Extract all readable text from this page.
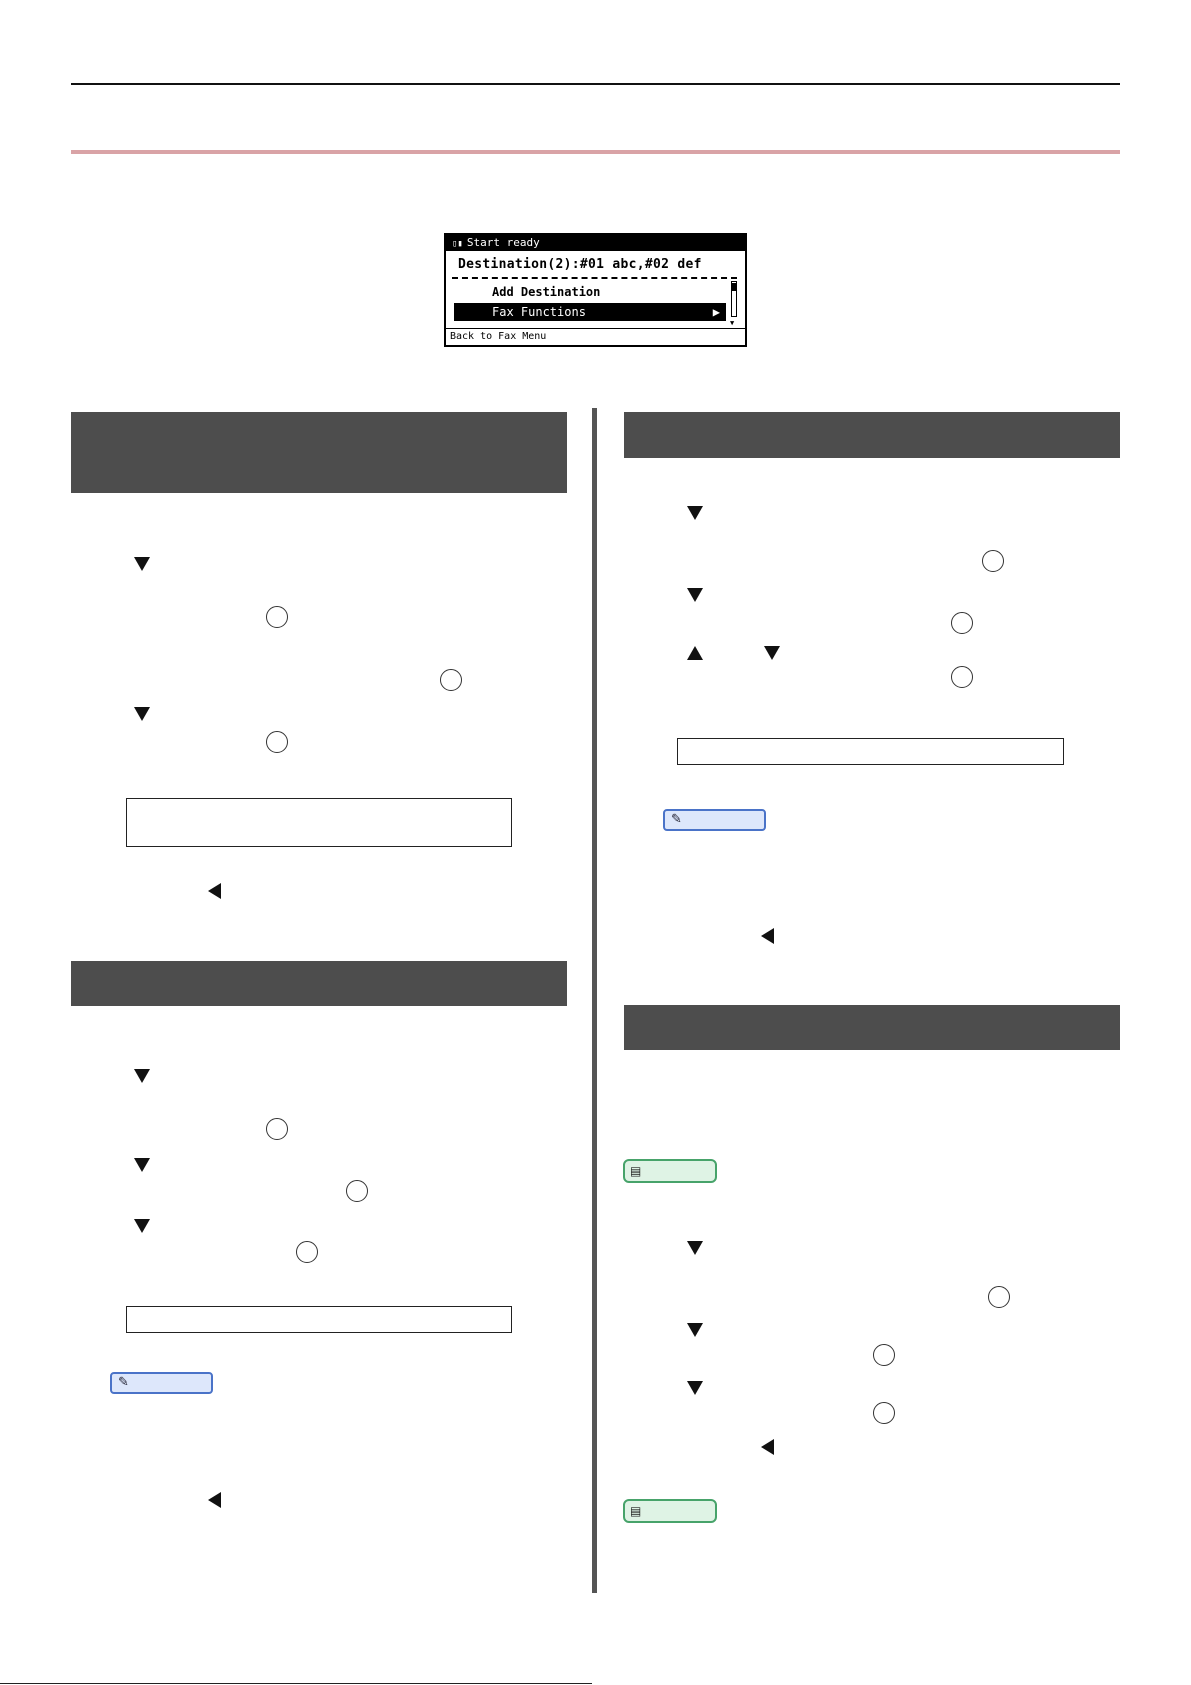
▯▮ Start ready
Destination(2):#01 abc,#02 def
Add Destination
Fax Functions	▶
▼
Back to Fax Menu
✎
✎
▤
▤
